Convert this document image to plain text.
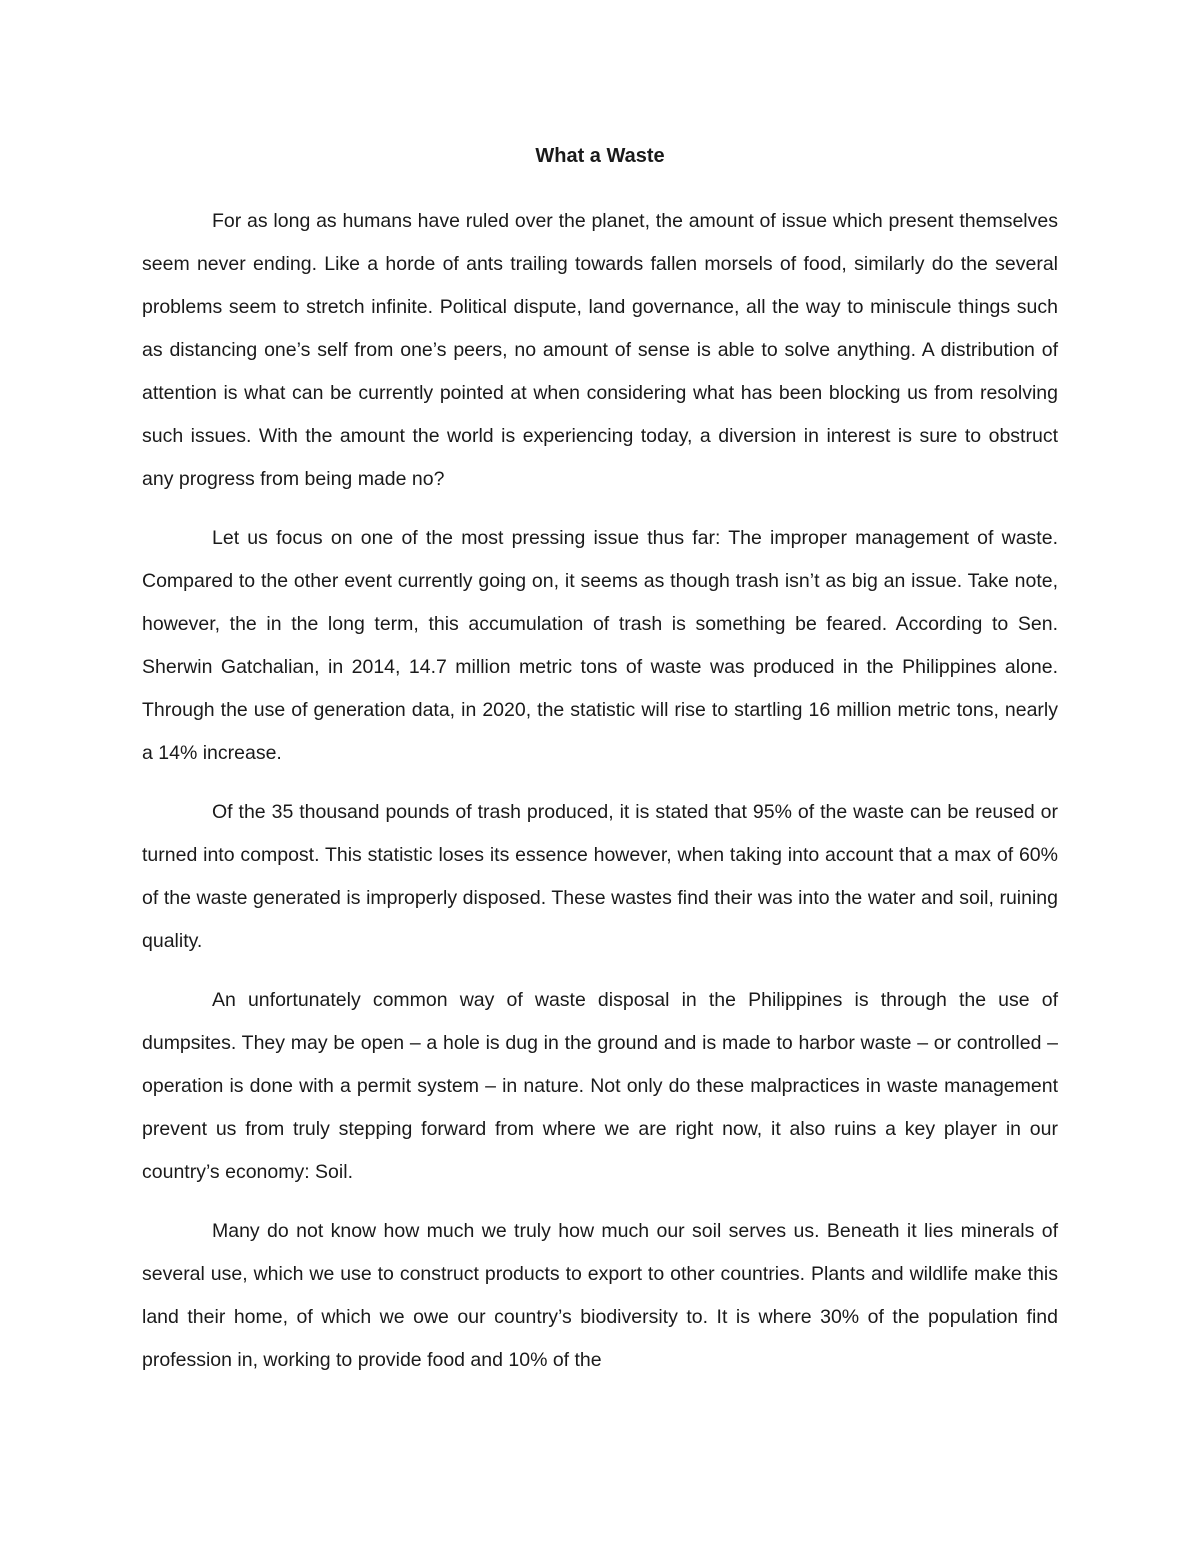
What a Waste

For as long as humans have ruled over the planet, the amount of issue which present themselves seem never ending. Like a horde of ants trailing towards fallen morsels of food, similarly do the several problems seem to stretch infinite. Political dispute, land governance, all the way to miniscule things such as distancing one’s self from one’s peers, no amount of sense is able to solve anything. A distribution of attention is what can be currently pointed at when considering what has been blocking us from resolving such issues. With the amount the world is experiencing today, a diversion in interest is sure to obstruct any progress from being made no?

Let us focus on one of the most pressing issue thus far: The improper management of waste. Compared to the other event currently going on, it seems as though trash isn’t as big an issue. Take note, however, the in the long term, this accumulation of trash is something be feared. According to Sen. Sherwin Gatchalian, in 2014, 14.7 million metric tons of waste was produced in the Philippines alone. Through the use of generation data, in 2020, the statistic will rise to startling 16 million metric tons, nearly a 14% increase.

Of the 35 thousand pounds of trash produced, it is stated that 95% of the waste can be reused or turned into compost. This statistic loses its essence however, when taking into account that a max of 60% of the waste generated is improperly disposed. These wastes find their was into the water and soil, ruining quality.

An unfortunately common way of waste disposal in the Philippines is through the use of dumpsites. They may be open – a hole is dug in the ground and is made to harbor waste – or controlled – operation is done with a permit system – in nature. Not only do these malpractices in waste management prevent us from truly stepping forward from where we are right now, it also ruins a key player in our country’s economy: Soil.

Many do not know how much we truly how much our soil serves us. Beneath it lies minerals of several use, which we use to construct products to export to other countries. Plants and wildlife make this land their home, of which we owe our country’s biodiversity to. It is where 30% of the population find profession in, working to provide food and 10% of the
